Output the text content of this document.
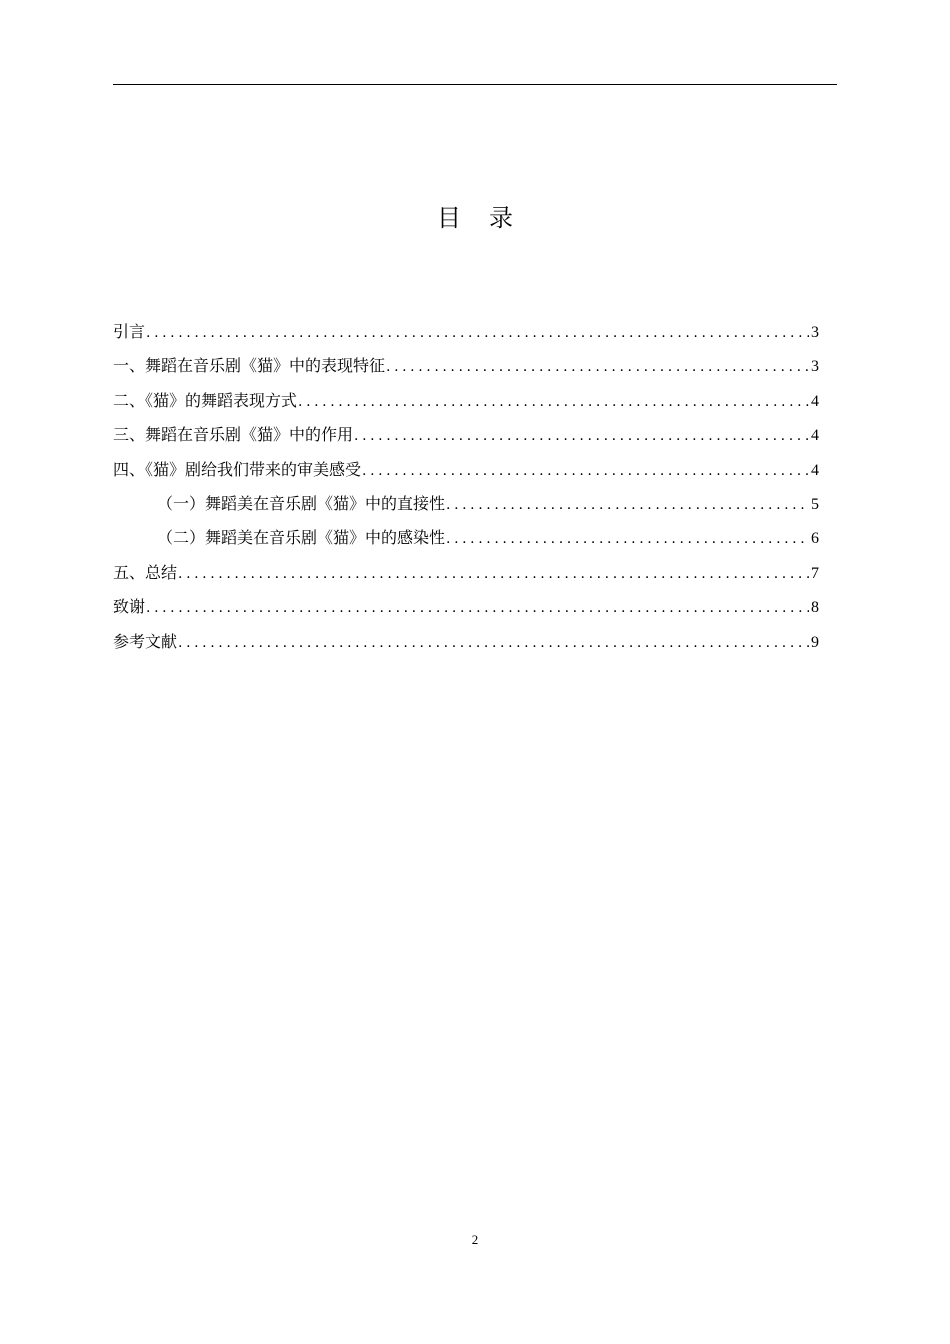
目录
引言 .....	3
一、舞蹈在音乐剧《猫》中的表现特征 .....	3
二、《猫》的舞蹈表现方式 .....	4
三、舞蹈在音乐剧《猫》中的作用 .....	4
四、《猫》剧给我们带来的审美感受 .....	4
（一）舞蹈美在音乐剧《猫》中的直接性 .....	5
（二）舞蹈美在音乐剧《猫》中的感染性 .....	6
五、总结 .....	7
致谢 .....	8
参考文献 .....	9
2
